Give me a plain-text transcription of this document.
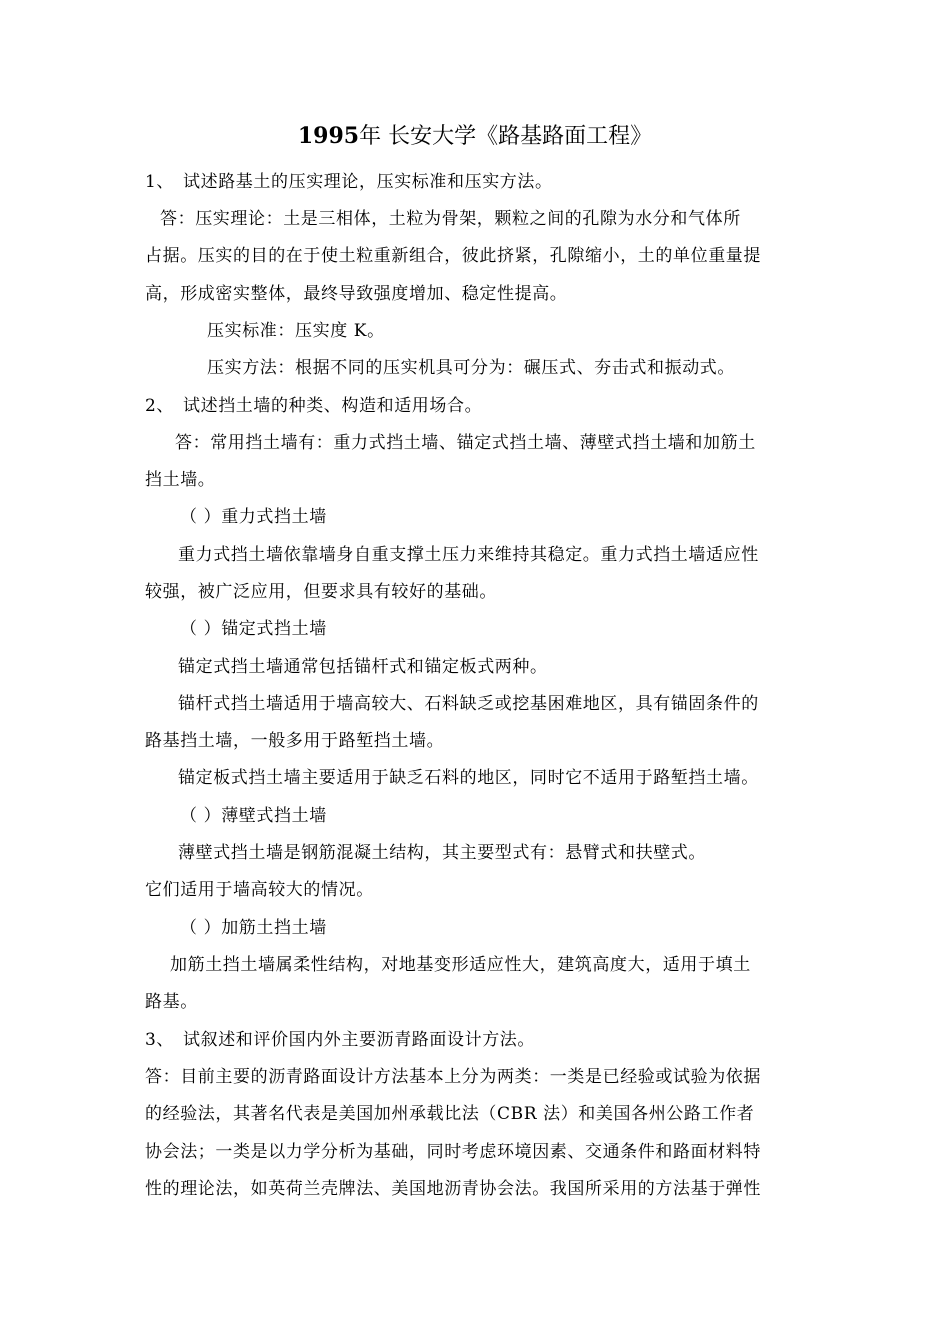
1995年 长安大学《路基路面工程》
1、 试述路基土的压实理论，压实标准和压实方法。
答：压实理论：土是三相体，土粒为骨架，颗粒之间的孔隙为水分和气体所
占据。压实的目的在于使土粒重新组合，彼此挤紧，孔隙缩小，土的单位重量提
高，形成密实整体，最终导致强度增加、稳定性提高。
压实标准：压实度 K。
压实方法：根据不同的压实机具可分为：碾压式、夯击式和振动式。
2、 试述挡土墙的种类、构造和适用场合。
答：常用挡土墙有：重力式挡土墙、锚定式挡土墙、薄壁式挡土墙和加筋土
挡土墙。
（ ）重力式挡土墙
重力式挡土墙依靠墙身自重支撑土压力来维持其稳定。重力式挡土墙适应性
较强，被广泛应用，但要求具有较好的基础。
（ ）锚定式挡土墙
锚定式挡土墙通常包括锚杆式和锚定板式两种。
锚杆式挡土墙适用于墙高较大、石料缺乏或挖基困难地区，具有锚固条件的
路基挡土墙，一般多用于路堑挡土墙。
锚定板式挡土墙主要适用于缺乏石料的地区，同时它不适用于路堑挡土墙。
（ ）薄壁式挡土墙
薄壁式挡土墙是钢筋混凝土结构，其主要型式有：悬臂式和扶壁式。
它们适用于墙高较大的情况。
（ ）加筋土挡土墙
加筋土挡土墙属柔性结构，对地基变形适应性大，建筑高度大，适用于填土
路基。
3、 试叙述和评价国内外主要沥青路面设计方法。
答：目前主要的沥青路面设计方法基本上分为两类：一类是已经验或试验为依据
的经验法，其著名代表是美国加州承载比法（CBR 法）和美国各州公路工作者
协会法；一类是以力学分析为基础，同时考虑环境因素、交通条件和路面材料特
性的理论法，如英荷兰壳牌法、美国地沥青协会法。我国所采用的方法基于弹性
